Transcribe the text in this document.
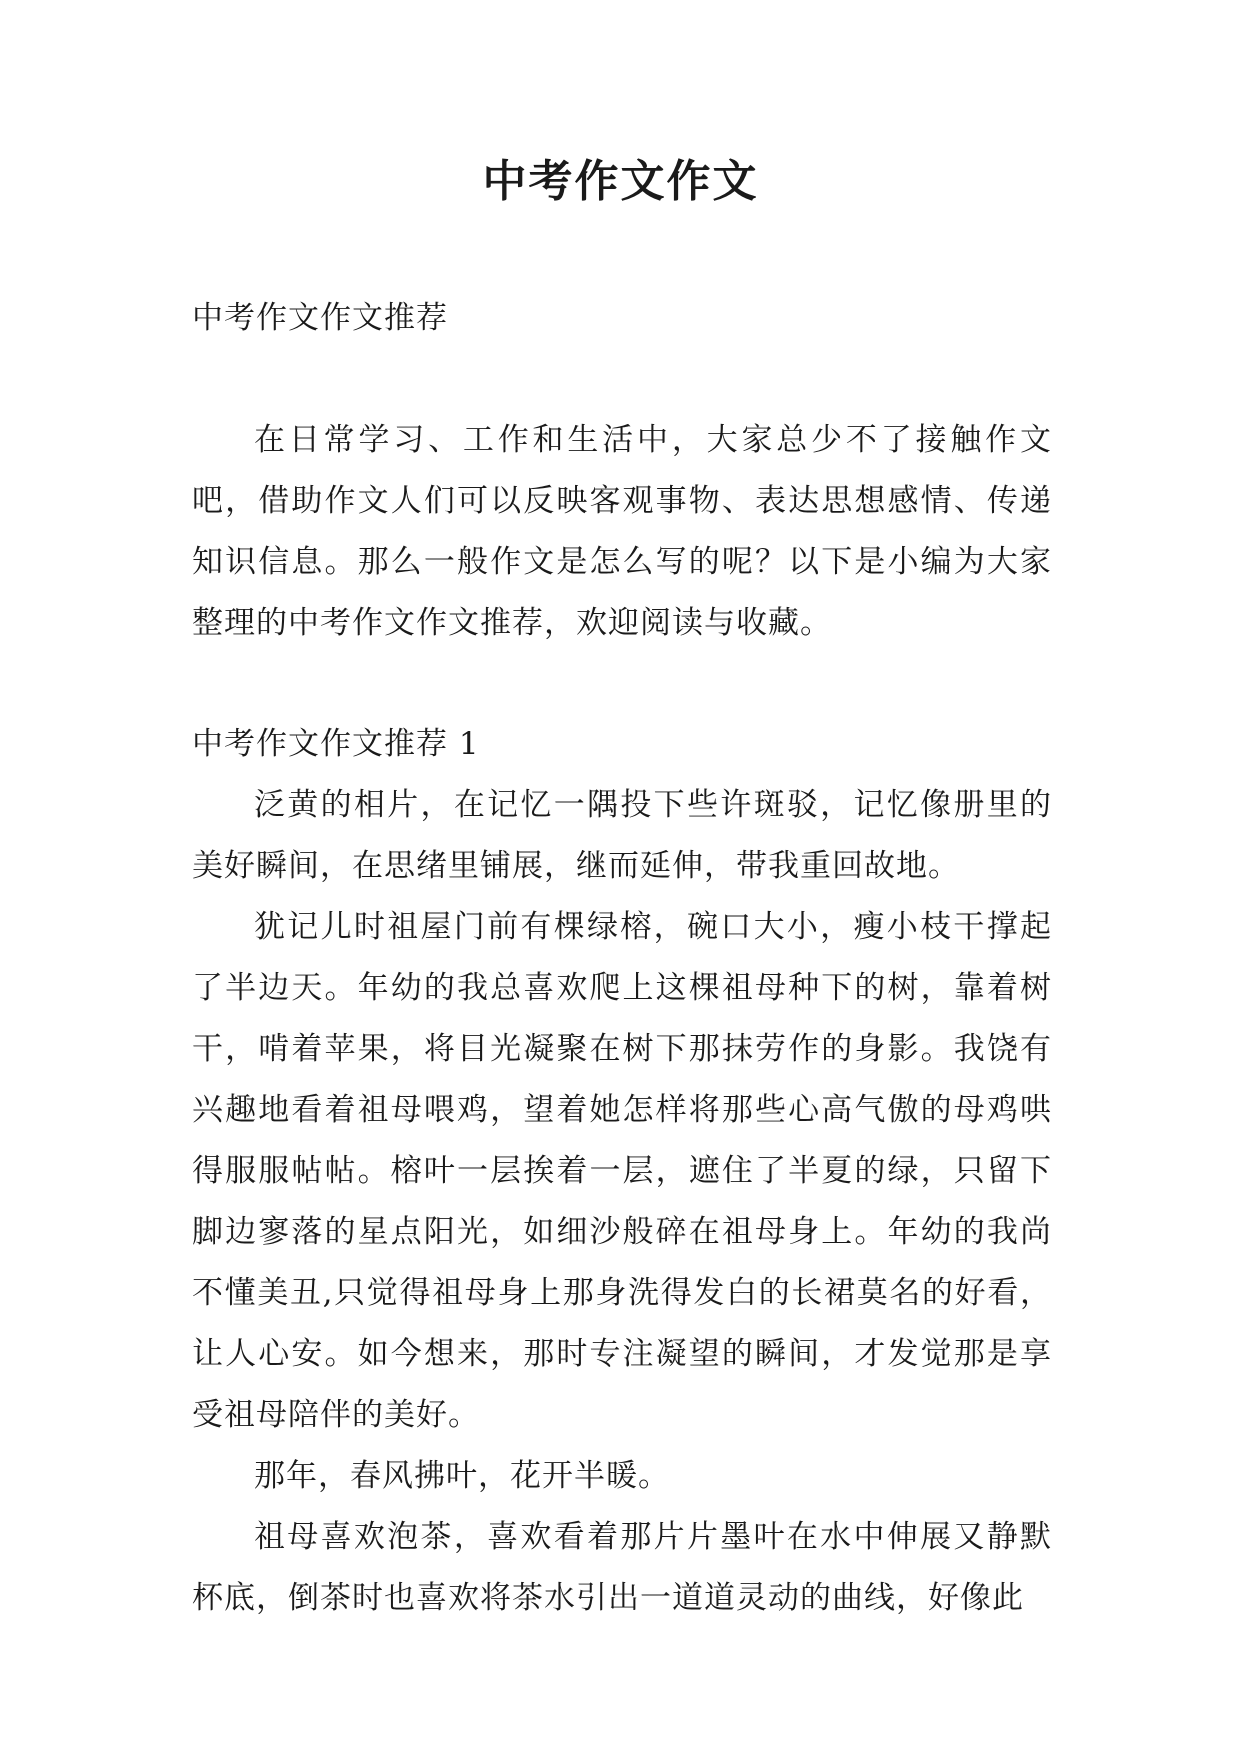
中考作文作文

中考作文作文推荐

在日常学习、工作和生活中，大家总少不了接触作文吧，借助作文人们可以反映客观事物、表达思想感情、传递知识信息。那么一般作文是怎么写的呢？以下是小编为大家整理的中考作文作文推荐，欢迎阅读与收藏。

中考作文作文推荐 1

泛黄的相片，在记忆一隅投下些许斑驳，记忆像册里的美好瞬间，在思绪里铺展，继而延伸，带我重回故地。

犹记儿时祖屋门前有棵绿榕，碗口大小，瘦小枝干撑起了半边天。年幼的我总喜欢爬上这棵祖母种下的树，靠着树干，啃着苹果，将目光凝聚在树下那抹劳作的身影。我饶有兴趣地看着祖母喂鸡，望着她怎样将那些心高气傲的母鸡哄得服服帖帖。榕叶一层挨着一层，遮住了半夏的绿，只留下脚边寥落的星点阳光，如细沙般碎在祖母身上。年幼的我尚不懂美丑,只觉得祖母身上那身洗得发白的长裙莫名的好看，让人心安。如今想来，那时专注凝望的瞬间，才发觉那是享受祖母陪伴的美好。

那年，春风拂叶，花开半暖。

祖母喜欢泡茶，喜欢看着那片片墨叶在水中伸展又静默杯底，倒茶时也喜欢将茶水引出一道道灵动的曲线，好像此
